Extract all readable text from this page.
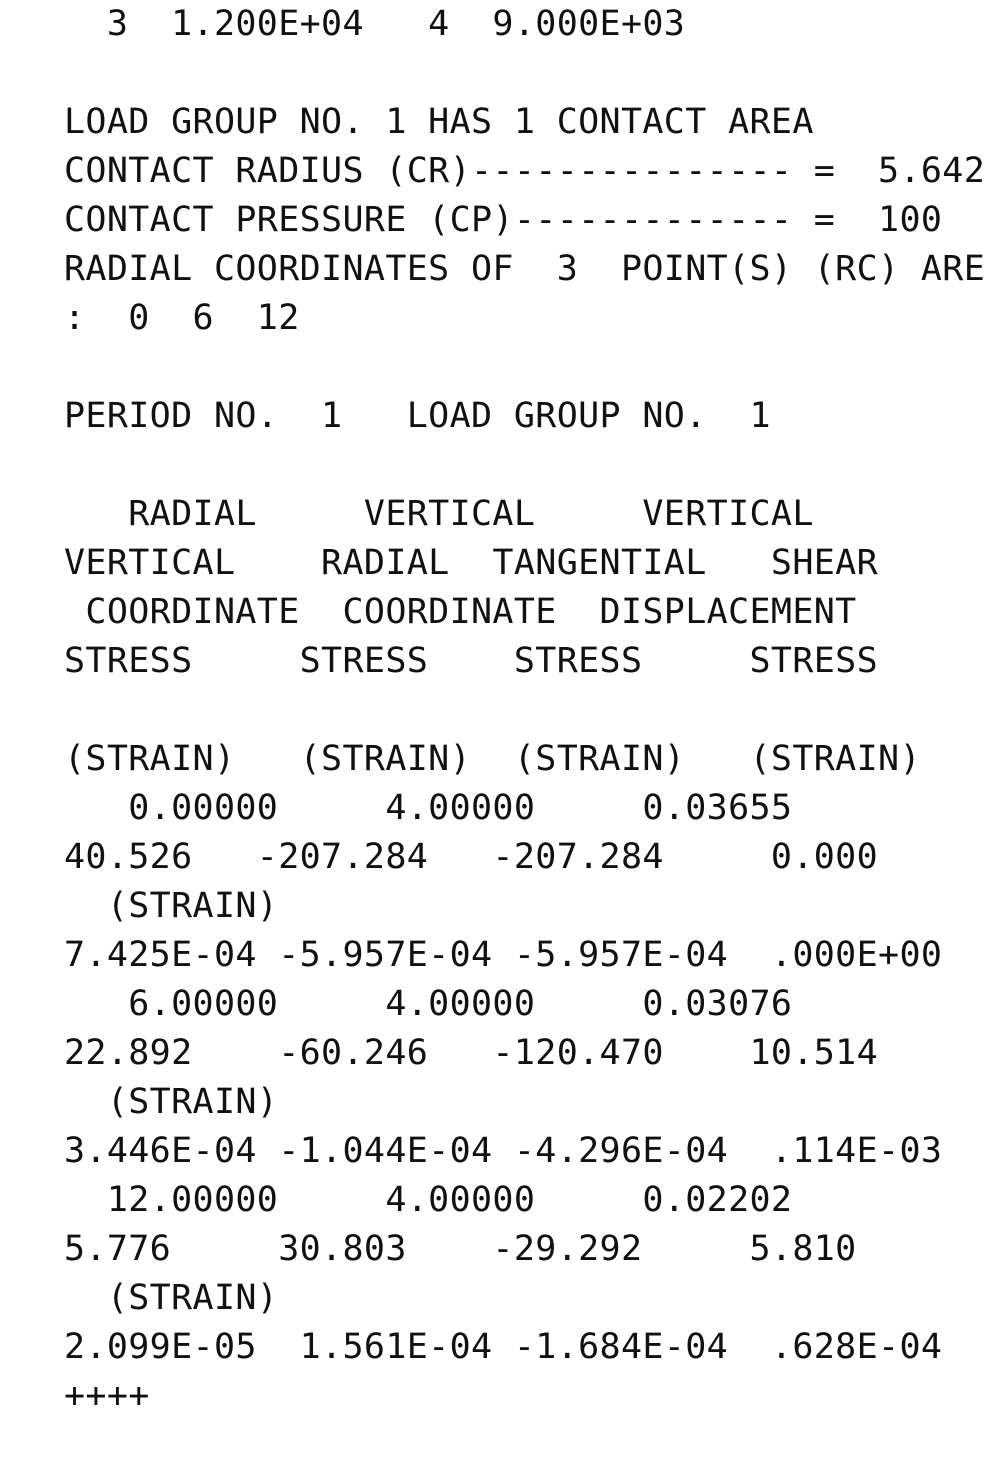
3  1.200E+04   4  9.000E+03
LOAD GROUP NO. 1 HAS 1 CONTACT AREA
CONTACT RADIUS (CR)--------------- =  5.642
CONTACT PRESSURE (CP)------------- =  100
RADIAL COORDINATES OF  3  POINT(S) (RC) ARE
:  0  6  12
PERIOD NO.  1   LOAD GROUP NO.  1
RADIAL     VERTICAL     VERTICAL
VERTICAL    RADIAL  TANGENTIAL   SHEAR
COORDINATE  COORDINATE  DISPLACEMENT
STRESS     STRESS    STRESS     STRESS
(STRAIN)   (STRAIN)  (STRAIN)   (STRAIN)
0.00000     4.00000     0.03655
40.526   -207.284   -207.284     0.000
(STRAIN)
7.425E-04 -5.957E-04 -5.957E-04  .000E+00
6.00000     4.00000     0.03076
22.892    -60.246   -120.470    10.514
(STRAIN)
3.446E-04 -1.044E-04 -4.296E-04  .114E-03
12.00000     4.00000     0.02202
5.776     30.803    -29.292     5.810
(STRAIN)
2.099E-05  1.561E-04 -1.684E-04  .628E-04
++++
